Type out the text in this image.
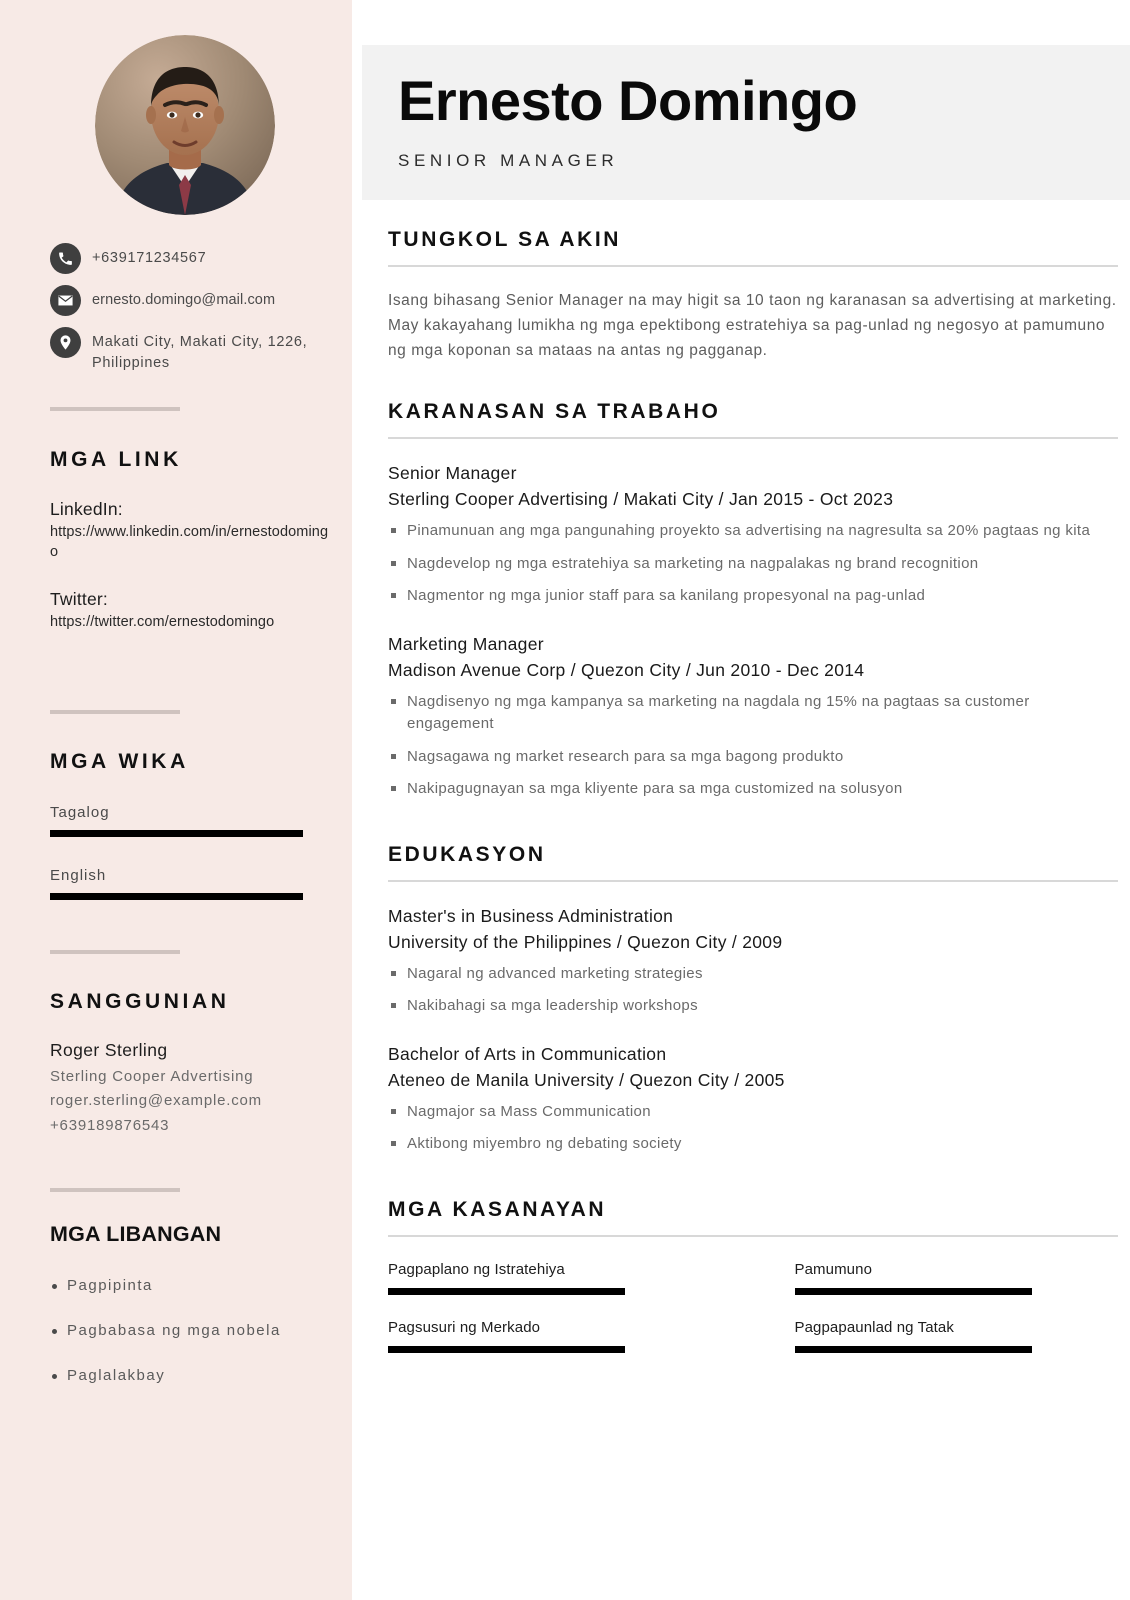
+639171234567
ernesto.domingo@mail.com
Makati City, Makati City, 1226, Philippines
MGA LINK
LinkedIn:
https://www.linkedin.com/in/ernestodomingo
Twitter:
https://twitter.com/ernestodomingo
MGA WIKA
Tagalog
English
SANGGUNIAN
Roger Sterling
Sterling Cooper Advertising
roger.sterling@example.com
+639189876543
MGA LIBANGAN
Pagpipinta
Pagbabasa ng mga nobela
Paglalakbay
Ernesto Domingo
SENIOR MANAGER
TUNGKOL SA AKIN

Isang bihasang Senior Manager na may higit sa 10 taon ng karanasan sa advertising at marketing. May kakayahang lumikha ng mga epektibong estratehiya sa pag-unlad ng negosyo at pamumuno ng mga koponan sa mataas na antas ng pagganap.

KARANASAN SA TRABAHO
Senior Manager
Sterling Cooper Advertising / Makati City / Jan 2015 - Oct 2023
Pinamunuan ang mga pangunahing proyekto sa advertising na nagresulta sa 20% pagtaas ng kita
Nagdevelop ng mga estratehiya sa marketing na nagpalakas ng brand recognition
Nagmentor ng mga junior staff para sa kanilang propesyonal na pag-unlad
Marketing Manager
Madison Avenue Corp / Quezon City / Jun 2010 - Dec 2014
Nagdisenyo ng mga kampanya sa marketing na nagdala ng 15% na pagtaas sa customer engagement
Nagsagawa ng market research para sa mga bagong produkto
Nakipagugnayan sa mga kliyente para sa mga customized na solusyon
EDUKASYON
Master's in Business Administration
University of the Philippines / Quezon City / 2009
Nagaral ng advanced marketing strategies
Nakibahagi sa mga leadership workshops
Bachelor of Arts in Communication
Ateneo de Manila University / Quezon City / 2005
Nagmajor sa Mass Communication
Aktibong miyembro ng debating society
MGA KASANAYAN
Pagpaplano ng Istratehiya	Pamumuno
Pagsusuri ng Merkado	Pagpapaunlad ng Tatak
